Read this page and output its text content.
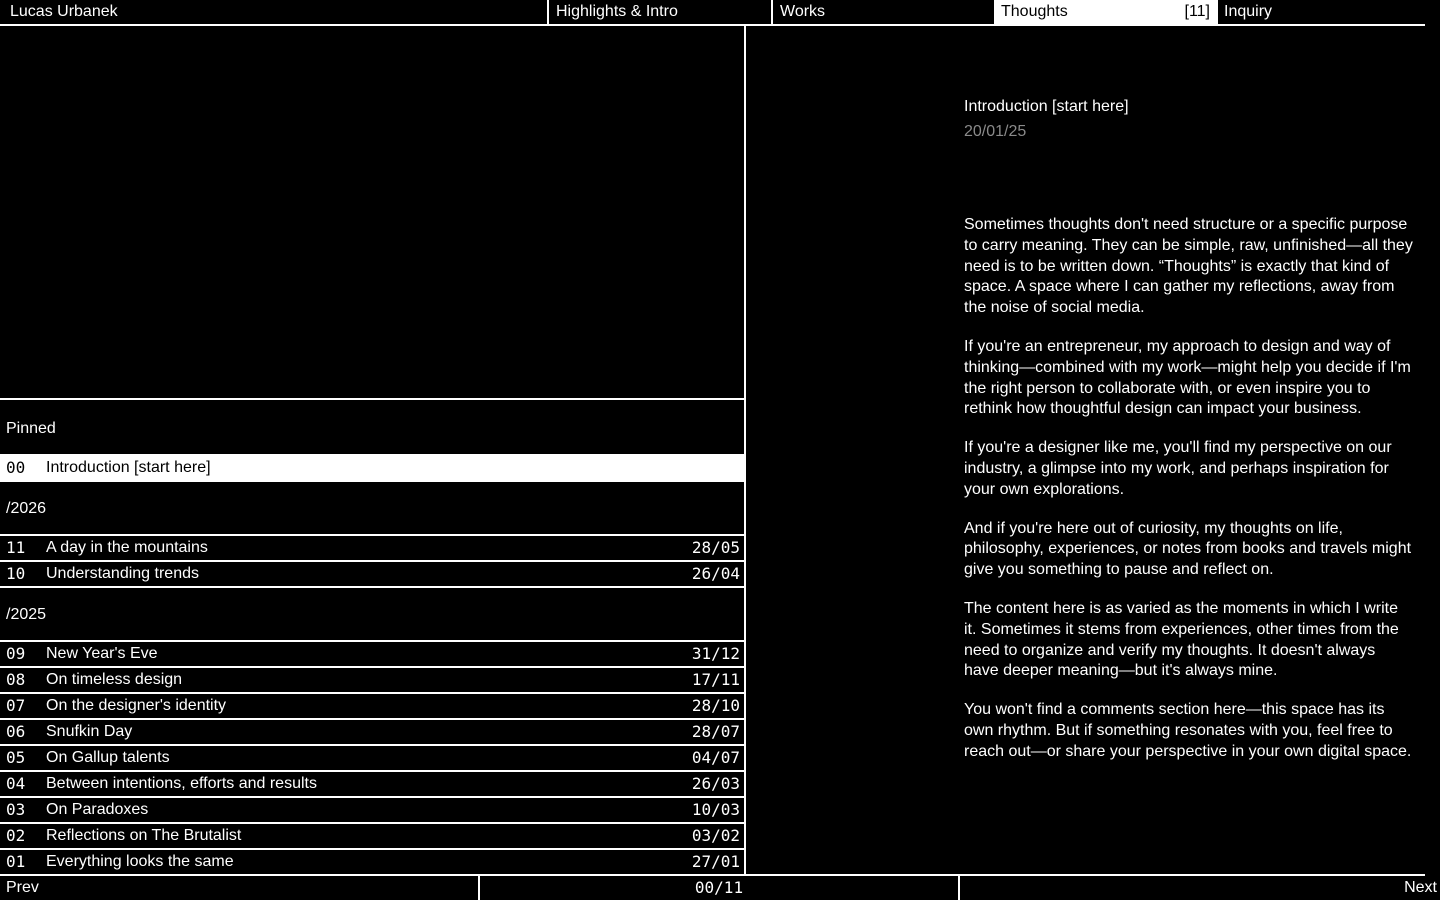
Lucas Urbanek	Highlights & Intro	Works	Thoughts	[11] Inquiry
Pinned
00 Introduction [start here]
/2026
11 A day in the mountains	28/05
10 Understanding trends	26/04
/2025
09 New Year's Eve	31/12
08 On timeless design	17/11
07 On the designer's identity	28/10
06 Snufkin Day	28/07
05 On Gallup talents	04/07
04 Between intentions, efforts and results	26/03
03 On Paradoxes	10/03
02 Reflections on The Brutalist	03/02
01 Everything looks the same	27/01
Introduction [start here]
20/01/25

Sometimes thoughts don't need structure or a specific purpose to carry meaning. They can be simple, raw, unfinished—all they need is to be written down. “Thoughts” is exactly that kind of space. A space where I can gather my reflections, away from the noise of social media.

If you're an entrepreneur, my approach to design and way of thinking—combined with my work—might help you decide if I'm the right person to collaborate with, or even inspire you to rethink how thoughtful design can impact your business.

If you're a designer like me, you'll find my perspective on our industry, a glimpse into my work, and perhaps inspiration for your own explorations.

And if you're here out of curiosity, my thoughts on life, philosophy, experiences, or notes from books and travels might give you something to pause and reflect on.

The content here is as varied as the moments in which I write it. Sometimes it stems from experiences, other times from the need to organize and verify my thoughts. It doesn't always have deeper meaning—but it's always mine.

You won't find a comments section here—this space has its own rhythm. But if something resonates with you, feel free to reach out—or share your perspective in your own digital space.

Prev	00/11	Next
